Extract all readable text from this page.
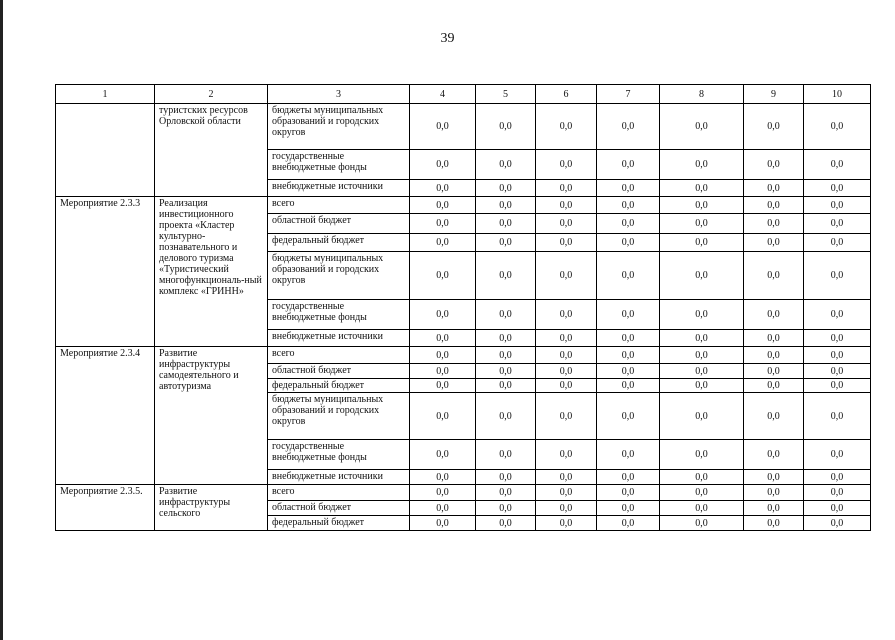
39
1	2	3	4	5	6	7	8	9	10
	туристских ресурсов Орловской области	бюджеты муниципальных образований и городских округов	0,0	0,0	0,0	0,0	0,0	0,0	0,0
		государственные внебюджетные фонды	0,0	0,0	0,0	0,0	0,0	0,0	0,0
		внебюджетные источники	0,0	0,0	0,0	0,0	0,0	0,0	0,0
Мероприятие 2.3.3	Реализация инвестиционного проекта «Кластер культурно-познавательного и делового туризма «Туристический многофункциональ-ный комплекс «ГРИНН»	всего	0,0	0,0	0,0	0,0	0,0	0,0	0,0
		областной бюджет	0,0	0,0	0,0	0,0	0,0	0,0	0,0
		федеральный бюджет	0,0	0,0	0,0	0,0	0,0	0,0	0,0
		бюджеты муниципальных образований и городских округов	0,0	0,0	0,0	0,0	0,0	0,0	0,0
		государственные внебюджетные фонды	0,0	0,0	0,0	0,0	0,0	0,0	0,0
		внебюджетные источники	0,0	0,0	0,0	0,0	0,0	0,0	0,0
Мероприятие 2.3.4	Развитие инфраструктуры самодеятельного и автотуризма	всего	0,0	0,0	0,0	0,0	0,0	0,0	0,0
		областной бюджет	0,0	0,0	0,0	0,0	0,0	0,0	0,0
		федеральный бюджет	0,0	0,0	0,0	0,0	0,0	0,0	0,0
		бюджеты муниципальных образований и городских округов	0,0	0,0	0,0	0,0	0,0	0,0	0,0
		государственные внебюджетные фонды	0,0	0,0	0,0	0,0	0,0	0,0	0,0
		внебюджетные источники	0,0	0,0	0,0	0,0	0,0	0,0	0,0
Мероприятие 2.3.5.	Развитие инфраструктуры сельского	всего	0,0	0,0	0,0	0,0	0,0	0,0	0,0
		областной бюджет	0,0	0,0	0,0	0,0	0,0	0,0	0,0
		федеральный бюджет	0,0	0,0	0,0	0,0	0,0	0,0	0,0
